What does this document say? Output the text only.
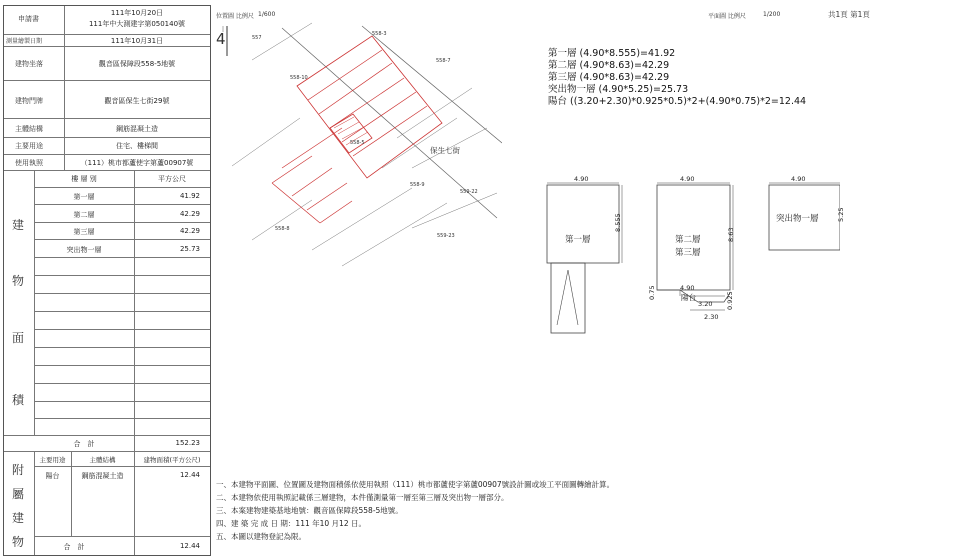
申請書
111年10月20日
111年中大測建字第050140號
測量繪製日期	111年10月31日
建物坐落	觀音區保障段558-5地號
建物門牌	觀音區保生七街29號
主體結構	鋼筋混凝土造
主要用途	住宅、樓梯間
使用執照	（111）桃市都蘆使字第蘆00907號
建
物
面
積
樓 層 別	平方公尺
第一層	41.92
第二層	42.29
第三層	42.29
突出物一層	25.73
合　計	152.23
附
屬
建
物
主要用途	主體結構	建物面積(平方公尺)
陽台	鋼筋混凝土造	12.44
合　計	12.44
位置圖 比例尺 1/600	平面圖 比例尺	1/200	共1頁 第1頁
4	557
558-3
558-10
558-7
558-5
558-9
558-8
559-22
559-23
保生七街
第一層 (4.90*8.555)=41.92
第二層 (4.90*8.63)=42.29
第三層 (4.90*8.63)=42.29
突出物一層 (4.90*5.25)=25.73
陽台 ((3.20+2.30)*0.925*0.5)*2+(4.90*0.75)*2=12.44
4.90
8.555
第一層
4.90
8.63
第二層
第三層
4.90
0.75	陽台
3.20
2.30
0.925
4.90
5.25
突出物一層
一、本建物平面圖、位置圖及建物面積係依使用執照（111）桃市都蘆使字第蘆00907號設計圖或竣工平面圖轉繪計算。
二、本建物依使用執照記載係三層建物，本件僅測量第一層至第三層及突出物一層部分。
三、本案建物建築基地地號：觀音區保障段558-5地號。
四、建 築 完 成 日 期：111 年10 月12 日。
五、本圖以建物登記為限。
